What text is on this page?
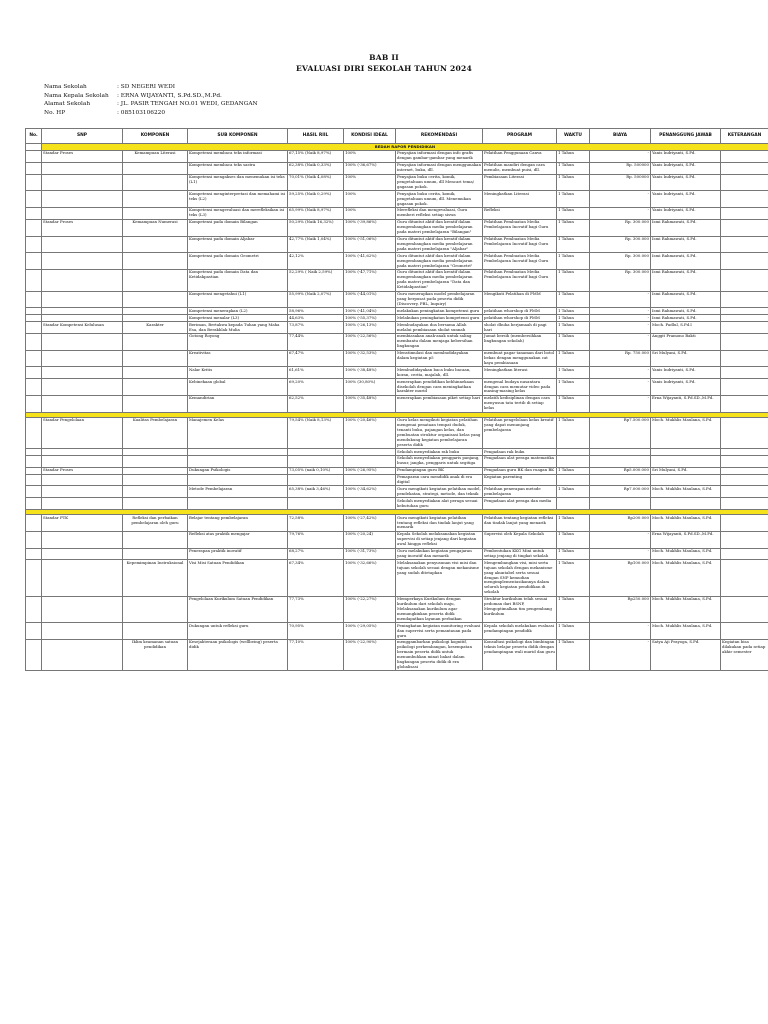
BAB II
EVALUASI DIRI SEKOLAH TAHUN 2024
Nama Sekolah	: SD NEGERI WEDI
Nama Kepala Sekolah	: ERNA WIJAYANTI, S.Pd.SD.,M.Pd.
Alamat Sekolah	: JL. PASIR TENGAH NO.01 WEDI, GEDANGAN
No. HP	: 085103106220
No.	SNP	KOMPONEN	SUB KOMPONEN	HASIL RIIL	KONDISI IDEAL	REKOMENDASI	PROGRAM	WAKTU	BIAYA	PENANGGUNG JAWAB	KETERANGAN
	BEDAH RAPOR PENDIDIKAN										
	Standar Proses	Kemampuan Literasi	Kompetensi membaca teks informasi	67,15% (Naik 8,97%)	100%	Penyajian informasi dengan info grafis dengan gambar-gambar yang menarik	Pelatihan Penggunaan Canva	1 Tahun	-	Yanis Indriyanti, S.Pd.	
			Kompetensi membaca teks sastra	62,38% (Naik 0,33%)	100% (-36,67%)	Penyajian informasi dengan menggunakan internet, buku, dll.	Pelatihan mandiri dengan cara menulis, membuat puisi, dll.	1 Tahun	Rp. 500000	Yanis Indriyanti, S.Pd.	
			Kompetensi mengakses dan menemukan isi teks (L1)	70,01% (Naik 4,08%)	100%	Penyajian buku cerita, komik, pengetahuan umum, dll Mencari tema/ gagasan pokok.	Pembiasaan Literasi	1 Tahun	Rp. 500000	Yanis Indriyanti, S.Pd.	
			Kompetensi menginterpretasi dan memahami isi teks (L2)	59,25% (Naik 0,29%)	100%	Penyajian buku cerita, komik, pengetahuan umum, dll. Menemukan gagasan pokok.	Meningkatkan Literasi	1 Tahun	-	Yanis Indriyanti, S.Pd.	
			Kompetensi mengevaluasi dan merefleksikan isi teks (L3)	65,99% (Naik 8,97%)	100%	Merefleksi dan mengevaluasi, Guru memberi refleksi setiap siswa	Refleksi	1 Tahun	-	Yanis Indriyanti, S.Pd.	
	Standar Proses	Kemampuan Numerasi	Kompetensi pada domain Bilangan	50,29% (Naik 16,32%)	100% (-39,86%)	Guru dituntut aktif dan kreatif dalam mengembangkan media pembelajaran pada materi pembelajaran "Bilangan"	Pelatihan Pembuatan Media Pembelajaran Inovatif bagi Guru	1 Tahun	Rp. 300.000	Ismi Rahmawati, S.Pd.	
			Kompetensi pada domain Aljabar	42,77% (Naik 1,04%)	100% (-51,06%)	Guru dituntut aktif dan kreatif dalam mengembangkan media pembelajaran pada materi pembelajaran "Aljabar"	Pelatihan Pembuatan Media Pembelajaran Inovatif bagi Guru	1 Tahun	Rp. 300.000	Ismi Rahmawati, S.Pd.	
			Kompetensi pada domain Geometri	42,12%	100% (-41,62%)	Guru dituntut aktif dan kreatif dalam mengembangkan media pembelajaran pada materi pembelajaran "Geometri"	Pelatihan Pembuatan Media Pembelajaran Inovatif bagi Guru	1 Tahun	Rp. 300.000	Ismi Rahmawati, S.Pd.	
			Kompetensi pada domain Data dan Ketidakpastian	52,29% ( Naik 2,59%)	100% (-47,71%)	Guru dituntut aktif dan kreatif dalam mengembangkan media pembelajaran pada materi pembelajaran "Data dan Ketidakpastian"	Pelatihan Pembuatan Media Pembelajaran Inovatif bagi Guru	1 Tahun	Rp. 300.000	Ismi Rahmawati, S.Pd.	
			Kompetensi mengetahui (L1)	55,99% (Naik 2,07%)	100% (-44,01%)	Guru menerapkan model pembelajaran yang berpusat pada peserta didik (Discovery, PBL, Inquiry)	Mengikuti Pelatihan di PMM	1 Tahun	-	Ismi Rahmawati, S.Pd.	
			Kompetensi menerapkan (L2)	58,96%	100% (-41,04%)	melakukan peningkatan kompetensi guru	pelatihan whorshop di PMM	1 Tahun	-	Ismi Rahmawati, S.Pd.	
			Kompetensi menalar (L3)	44,63%	100% (-55,37%)	Melakukan peningkatan kompetensi guru	pelatihan whorshop di PMM	1 Tahun	-	Ismi Rahmawati, S.Pd.	
	Standar Kompetensi Kelulusan	Karakter	Beriman, Bertakwa kepada Tuhan yang Maha Esa, dan Berakhlak Mulia	73,87%	100% (-26,13%)	Membudayakan doa bersama Allah melalui pembiasaan sholat sunnah	sholat dhuha berjamaah di pagi hari	1 Tahun	-	Moch. Fadlul, S.Pd.I	
			Gotong Royong	77,44%	100% (-22,56%)	membiasakan anak-anak untuk saling membantu dalam menjaga kebersihan lingkungan	Jumat bersih (membersihkan lingkungan sekolah)	1 Tahun	-	Anggit Pramono Bakti	
			Kreativitas	67,47%	100% (-32,53%)	Menstimulasi dan membudidayakan dalam kegiatan p5	membuat pagar tanaman dari botol bekas dengan menggunakan cat kaya pembiasaan	1 Tahun	Rp. 750.000	Sri Mulyani, S.Pd.	
			Nalar Kritis	61,61%	100% (-38,48%)	Membudidayakan baca buku bacaan, koran, cerita, majalah, dll.	Meningkatkan literasi	1 Tahun	-	Yanis Indriyanti, S.Pd.	
			Kebinekaan global	69,20%	100% (30,80%)	menerapkan pendidikan kebhinnekaan disekolah dengan cara meningkatkan karakter murid	mengenal budaya nusantara dengan cara memutar video pada masing-masing kelas	1 Tahun	-	Yanis Indriyanti, S.Pd.	
			Kemandirian	62,52%	100% (-35,48%)	menerapkan pembiasaan piket setiap hari	melatih kedisiplinan dengan cara menyusun tata tertib di setiap kelas	1 Tahun	-	Erna Wijayanti, S.Pd.SD.,M.Pd.	

	Standar Pengelolaan	Kualitas Pembelajaran	Manajemen Kelas	79,54% (Naik 8,13%)	100% (-20,46%)	Guru kelas mengikuti kegiatan pelatihan mengenai penataan tempat duduk, tenanti buku, pajangan kelas, dan pembuatan struktur organisasi kelas yang mendukung kegiatan pembelajaran peserta didik	Pelatihan pengelolaan kelas kreatif yang dapat menunjang pembelajaran	1 Tahun	Rp7.500.000	Moch. Mukhlis Maulana, S.Pd.	
						Sekolah menyediakan rak buku	Pengadaan rak buku				
						Sekolah menyediakan penggaris panjang, busur, jangka, penggaris untuk segitiga	Pengadaan alat peraga matematika				
	Standar Proses		Dukungan Psikologis	73,05% (naik 0,10%)	100% (-26,95%)	Pendampingan guru BK	Pengadaan guru BK dan ruagan BK	1 Tahun	Rp5.000.000	Sri Mulyani, S.Pd.	
						Pemaparan cara mendidik anak di era digital	Kegiatan parenting				
			Metode Pembelajaran	65,38% (naik 3,46%)	100% (-34,62%)	Guru mengikuti kegiatan pelatihan model, pendekatan, strategi, metode, dan teknik	Pelatihan penerapan metode pembelajaran	1 Tahun	Rp7.000.000	Moch. Mukhlis Maulana, S.Pd.	
						Sekolah menyediakan alat peraga sesuai kebutuhan guru	Pengadaan alat peraga dan media				

	Standar PTK	Refleksi dan perbaikan pembelajaran oleh guru	Belajar tentang pembelajaran	72,58%	100% (-27,42%)	Guru mengikuti kegiatan pelatihan tentang refleksi dan tindak lanjut yang menarik	Pelatihan tentang kegiatan refleksi dan tindak lanjut yang menarik	1 Tahun	Rp200.000	Moch. Mukhlis Maulana, S.Pd.	
			Refleksi atas praktik mengajar	79,76%	100% (-20,24)	Kepala Sekolah melaksanakan kegiatan supervisi di setiap jenjang dari kegiatan awal hingga refleksi	Supervisi oleh Kepala Sekolah	1 Tahun	-	Erna Wijayanti, S.Pd.SD.,M.Pd.	
			Penerapan praktik inovatif	68,27%	100% (-31,73%)	Guru melakukan kegiatan pengajaran yang inovatif dan menarik	Pembentukan KKG Mini untuk setiap jenjang di tingkat sekolah	1 Tahun	-	Moch. Mukhlis Maulana, S.Pd.	
		Kepemimpinan Instruksional	Visi Misi Satuan Pendidikan	67,34%	100% (-32,66%)	Melaksanakan penyusunan visi misi dan tujuan sekolah sesuai dengan mekanisme yang sudah ditetapkan	Mengembangkan visi, misi serta tujuan sekolah dengan mekanisme yang akuntabel serta sesuai dengan SNP kemudian mengimplementasikannya dalam seluruh kegiatan pendidikan di sekolah	1 Tahun	Rp100.000	Moch. Mukhlis Maulana, S.Pd.	
			Pengelolaan Kurikulum Satuan Pendidikan	77,73%	100% (-22,27%)	Memperkaya Kurikulum dengan kurikulum dari sekolah maju, Melaksanakan kurikulum agar memungkinkan peserta didik mendapatkan layanan perbaikan	Struktur kurikulum telah sesuai pedoman dari BSNP, Mengoptimalkan tim pengembang kurikulum	1 Tahun	Rp250.000	Moch. Mukhlis Maulana, S.Pd.	
			Dukungan untuk refleksi guru	70,95%	100% (-29,05%)	Peningkatan kegiatan monitoring evaluasi dan supervisi serta pemantauan pada guru	Kepala sekolah melakukan evaluasi pendampingan pendidik	1 Tahun	-	Moch. Mukhlis Maulana, S.Pd.	
		Iklim keamanan satuan pendidikan	Kesejahteraan psikologis (wellbeing) peserta didik	77,10%	100% (-22,90%)	menggambarkan psikologi kognitif, psikologi perkembangan, kesempatan bermain peserta didik untuk menumbuhkan minat bakat dalam lingkungan peserta didik di era globalisasi	Konsultasi psikologi dan bimbingan teknis belajar peserta didik dengan pendampingan wali murid dan guru	1 Tahun	-	Satya Aji Prayoga, S.Pd.	Kegiatan bisa dilakukan pada setiap akhir semester
